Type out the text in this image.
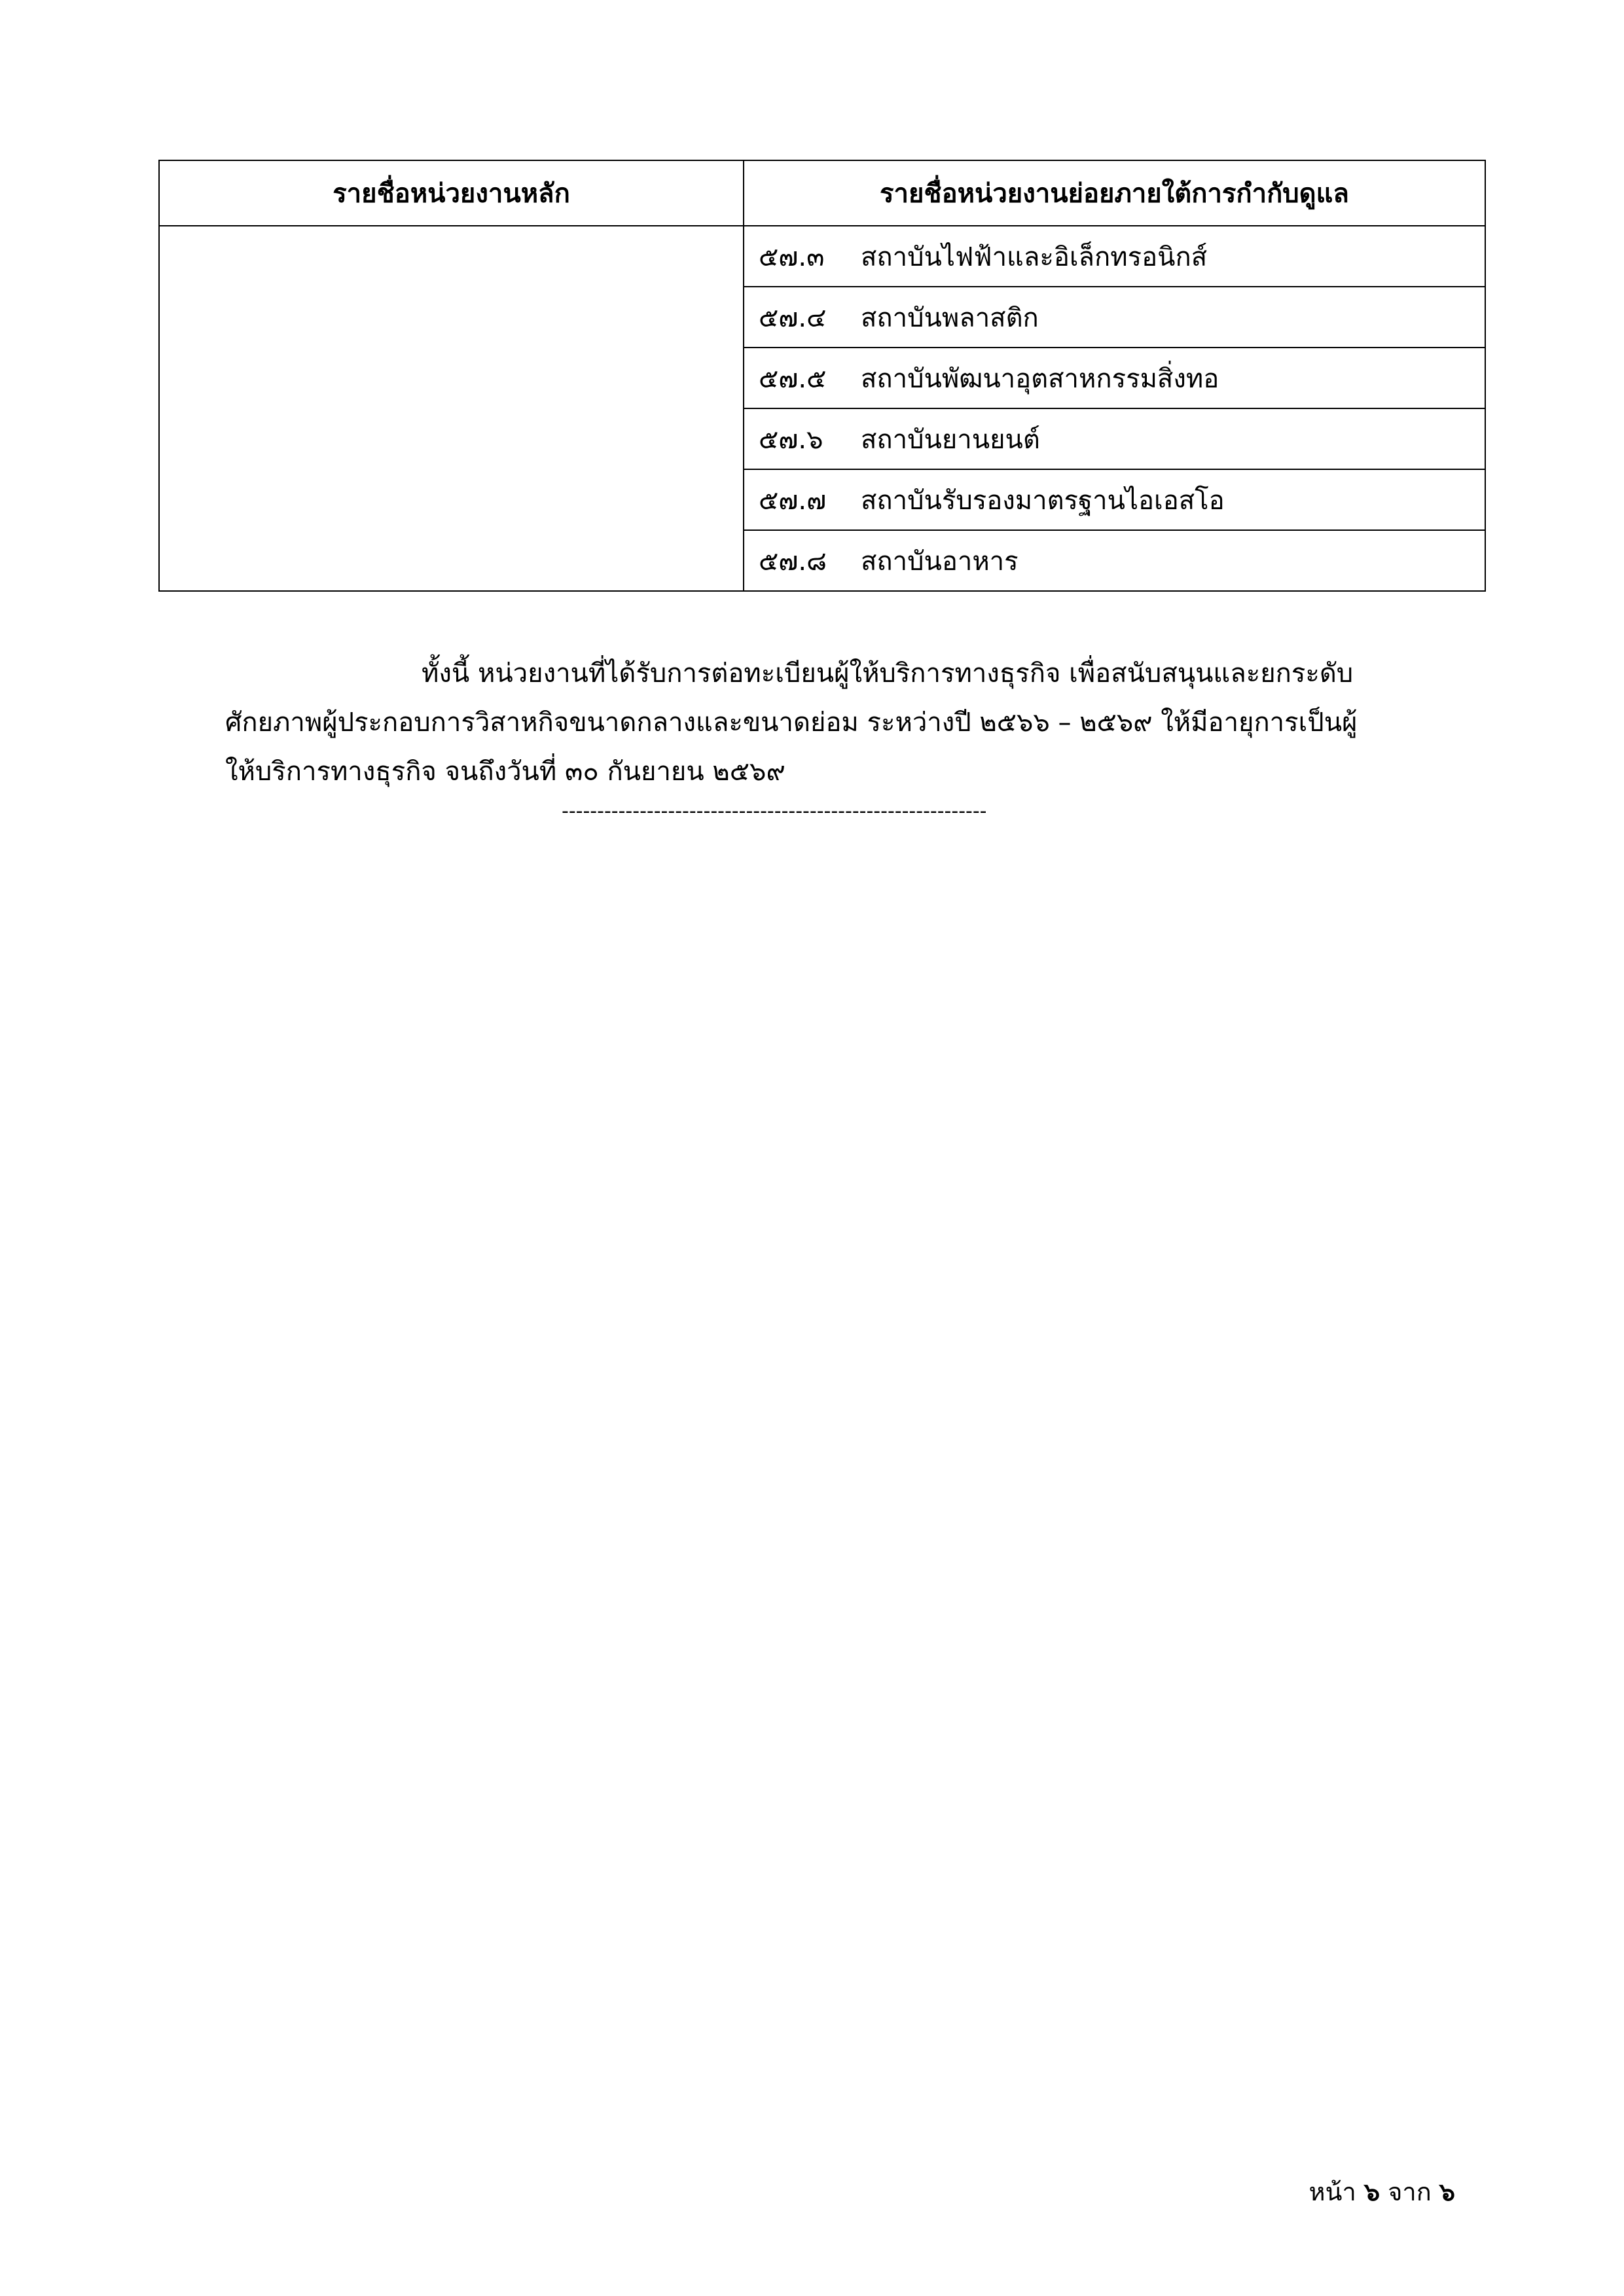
รายชื่อหน่วยงานหลัก	รายชื่อหน่วยงานย่อยภายใต้การกำกับดูแล
	๕๗.๓ สถาบันไฟฟ้าและอิเล็กทรอนิกส์
	๕๗.๔ สถาบันพลาสติก
	๕๗.๕ สถาบันพัฒนาอุตสาหกรรมสิ่งทอ
	๕๗.๖ สถาบันยานยนต์
	๕๗.๗ สถาบันรับรองมาตรฐานไอเอสโอ
	๕๗.๘ สถาบันอาหาร

ทั้งนี้ หน่วยงานที่ได้รับการต่อทะเบียนผู้ให้บริการทางธุรกิจ เพื่อสนับสนุนและยกระดับ
ศักยภาพผู้ประกอบการวิสาหกิจขนาดกลางและขนาดย่อม ระหว่างปี ๒๕๖๖ – ๒๕๖๙ ให้มีอายุการเป็นผู้
ให้บริการทางธุรกิจ จนถึงวันที่ ๓๐ กันยายน ๒๕๖๙

------------------------------------------------------------
หน้า ๖ จาก ๖
